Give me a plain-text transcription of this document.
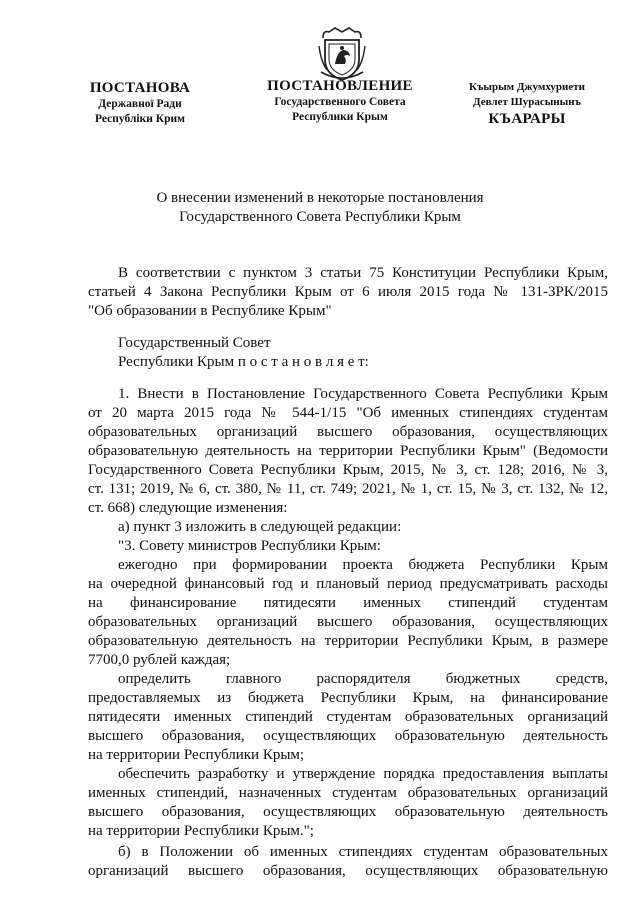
ПОСТАНОВА
Державної Ради
Республіки Крим
ПОСТАНОВЛЕНИЕ
Государственного Совета
Республики Крым
Къырым Джумхуриети
Девлет Шурасынынъ
КЪАРАРЫ
О внесении изменений в некоторые постановления
Государственного Совета Республики Крым
В соответствии с пунктом 3 статьи 75 Конституции Республики Крым,
статьей 4 Закона Республики Крым от 6 июля 2015 года № 131-ЗРК/2015
"Об образовании в Республике Крым"
Государственный Совет
Республики Крым п о с т а н о в л я е т:
1. Внести в Постановление Государственного Совета Республики Крым
от 20 марта 2015 года № 544-1/15 "Об именных стипендиях студентам
образовательных организаций высшего образования, осуществляющих
образовательную деятельность на территории Республики Крым" (Ведомости
Государственного Совета Республики Крым, 2015, № 3, ст. 128; 2016, № 3,
ст. 131; 2019, № 6, ст. 380, № 11, ст. 749; 2021, № 1, ст. 15, № 3, ст. 132, № 12,
ст. 668) следующие изменения:
а) пункт 3 изложить в следующей редакции:
"3. Совету министров Республики Крым:
ежегодно при формировании проекта бюджета Республики Крым
на очередной финансовый год и плановый период предусматривать расходы
на финансирование пятидесяти именных стипендий студентам
образовательных организаций высшего образования, осуществляющих
образовательную деятельность на территории Республики Крым, в размере
7700,0 рублей каждая;
определить главного распорядителя бюджетных средств,
предоставляемых из бюджета Республики Крым, на финансирование
пятидесяти именных стипендий студентам образовательных организаций
высшего образования, осуществляющих образовательную деятельность
на территории Республики Крым;
обеспечить разработку и утверждение порядка предоставления выплаты
именных стипендий, назначенных студентам образовательных организаций
высшего образования, осуществляющих образовательную деятельность
на территории Республики Крым.";
б) в Положении об именных стипендиях студентам образовательных
организаций высшего образования, осуществляющих образовательную
